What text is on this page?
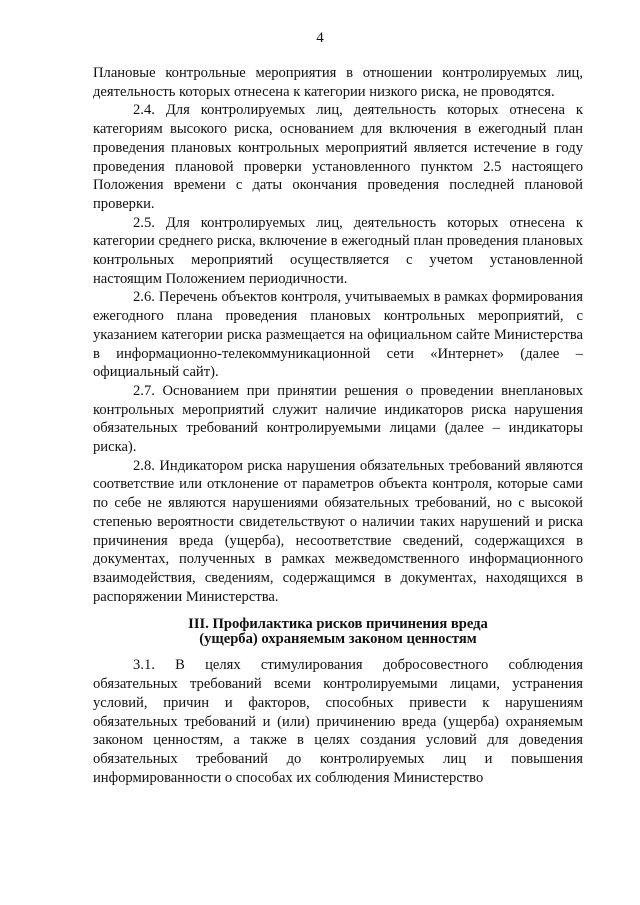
4

Плановые контрольные мероприятия в отношении контролируемых лиц, деятельность которых отнесена к категории низкого риска, не проводятся.

2.4. Для контролируемых лиц, деятельность которых отнесена к категориям высокого риска, основанием для включения в ежегодный план проведения плановых контрольных мероприятий является истечение в году проведения плановой проверки установленного пунктом 2.5 настоящего Положения времени с даты окончания проведения последней плановой проверки.

2.5. Для контролируемых лиц, деятельность которых отнесена к категории среднего риска, включение в ежегодный план проведения плановых контрольных мероприятий осуществляется с учетом установленной настоящим Положением периодичности.

2.6. Перечень объектов контроля, учитываемых в рамках формирования ежегодного плана проведения плановых контрольных мероприятий, с указанием категории риска размещается на официальном сайте Министерства в информационно-телекоммуникационной сети «Интернет» (далее – официальный сайт).

2.7. Основанием при принятии решения о проведении внеплановых контрольных мероприятий служит наличие индикаторов риска нарушения обязательных требований контролируемыми лицами (далее – индикаторы риска).

2.8. Индикатором риска нарушения обязательных требований являются соответствие или отклонение от параметров объекта контроля, которые сами по себе не являются нарушениями обязательных требований, но с высокой степенью вероятности свидетельствуют о наличии таких нарушений и риска причинения вреда (ущерба), несоответствие сведений, содержащихся в документах, полученных в рамках межведомственного информационного взаимодействия, сведениям, содержащимся в документах, находящихся в распоряжении Министерства.

III. Профилактика рисков причинения вреда
(ущерба) охраняемым законом ценностям

3.1. В целях стимулирования добросовестного соблюдения обязательных требований всеми контролируемыми лицами, устранения условий, причин и факторов, способных привести к нарушениям обязательных требований и (или) причинению вреда (ущерба) охраняемым законом ценностям, а также в целях создания условий для доведения обязательных требований до контролируемых лиц и повышения информированности о способах их соблюдения Министерство
